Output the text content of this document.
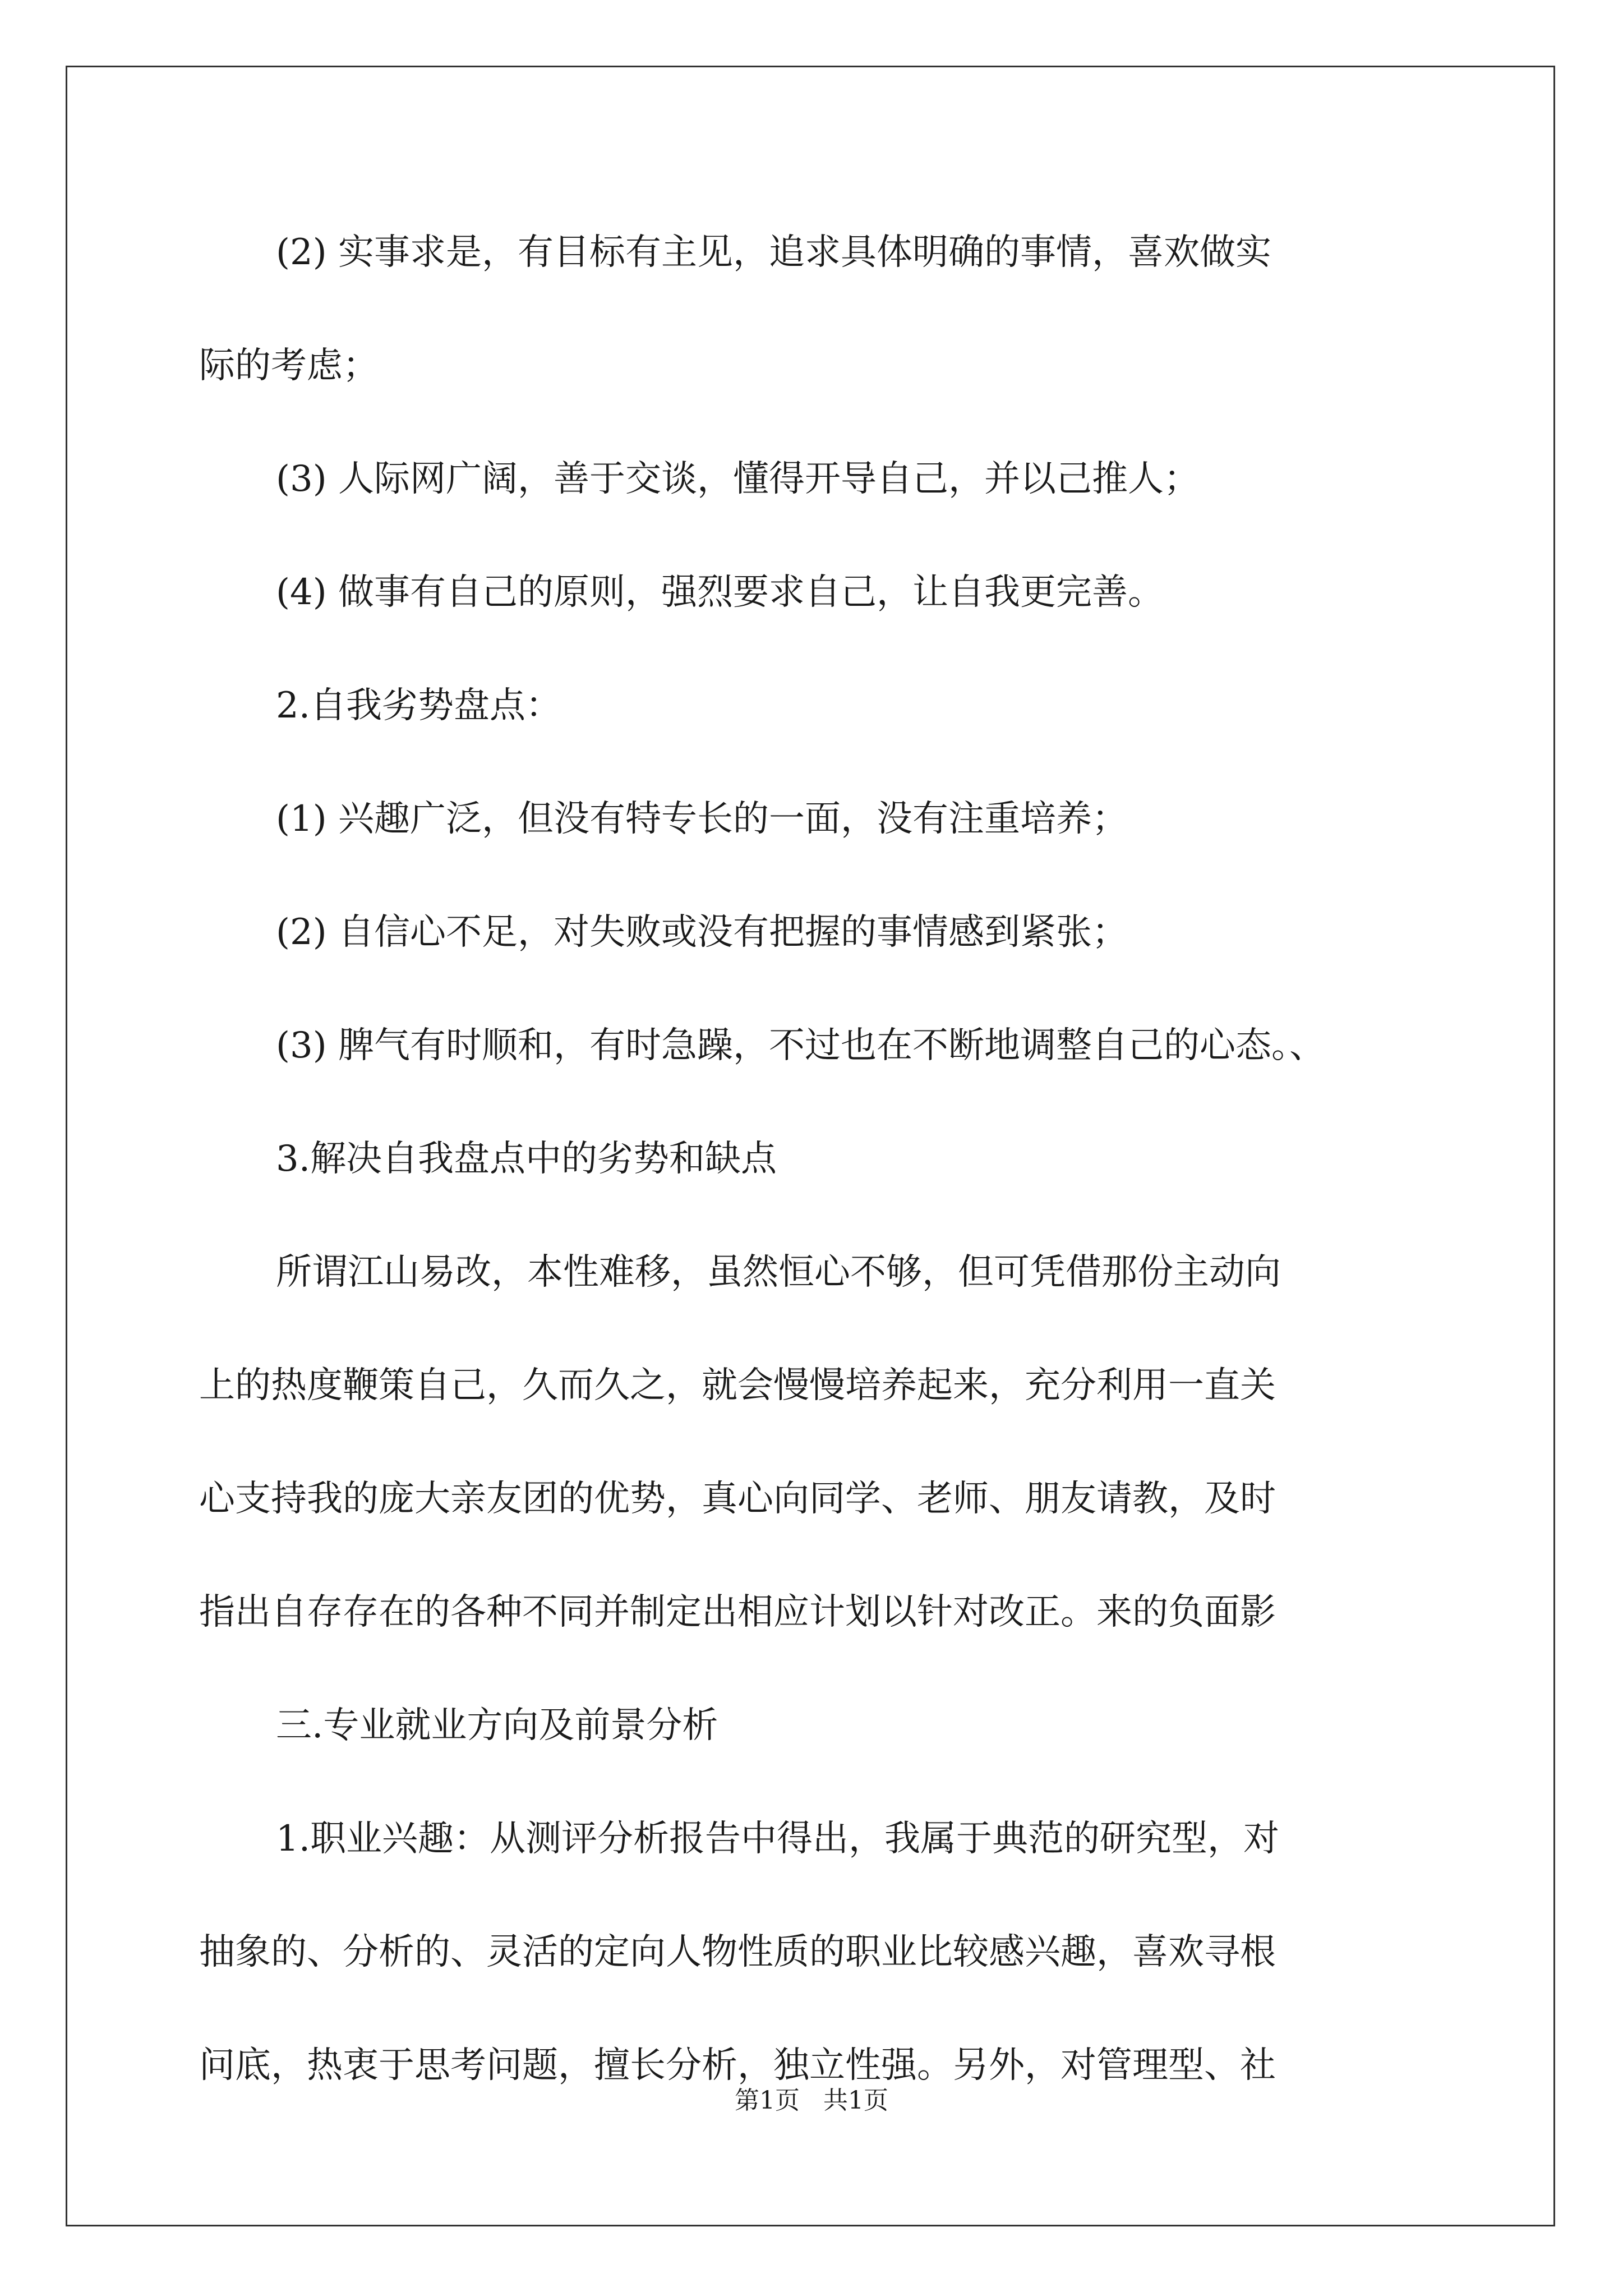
(2) 实事求是，有目标有主见，追求具体明确的事情，喜欢做实
际的考虑；
(3) 人际网广阔，善于交谈，懂得开导自己，并以己推人；
(4) 做事有自己的原则，强烈要求自己，让自我更完善。
2.自我劣势盘点：
(1) 兴趣广泛，但没有特专长的一面，没有注重培养；
(2) 自信心不足，对失败或没有把握的事情感到紧张；
(3) 脾气有时顺和，有时急躁，不过也在不断地调整自己的心态。、
3.解决自我盘点中的劣势和缺点
所谓江山易改，本性难移，虽然恒心不够，但可凭借那份主动向
上的热度鞭策自己，久而久之，就会慢慢培养起来，充分利用一直关
心支持我的庞大亲友团的优势，真心向同学、老师、朋友请教，及时
指出自存存在的各种不同并制定出相应计划以针对改正。来的负面影
三.专业就业方向及前景分析
1.职业兴趣：从测评分析报告中得出，我属于典范的研究型，对
抽象的、分析的、灵活的定向人物性质的职业比较感兴趣，喜欢寻根
问底，热衷于思考问题，擅长分析，独立性强。另外，对管理型、社
第1页   共1页
